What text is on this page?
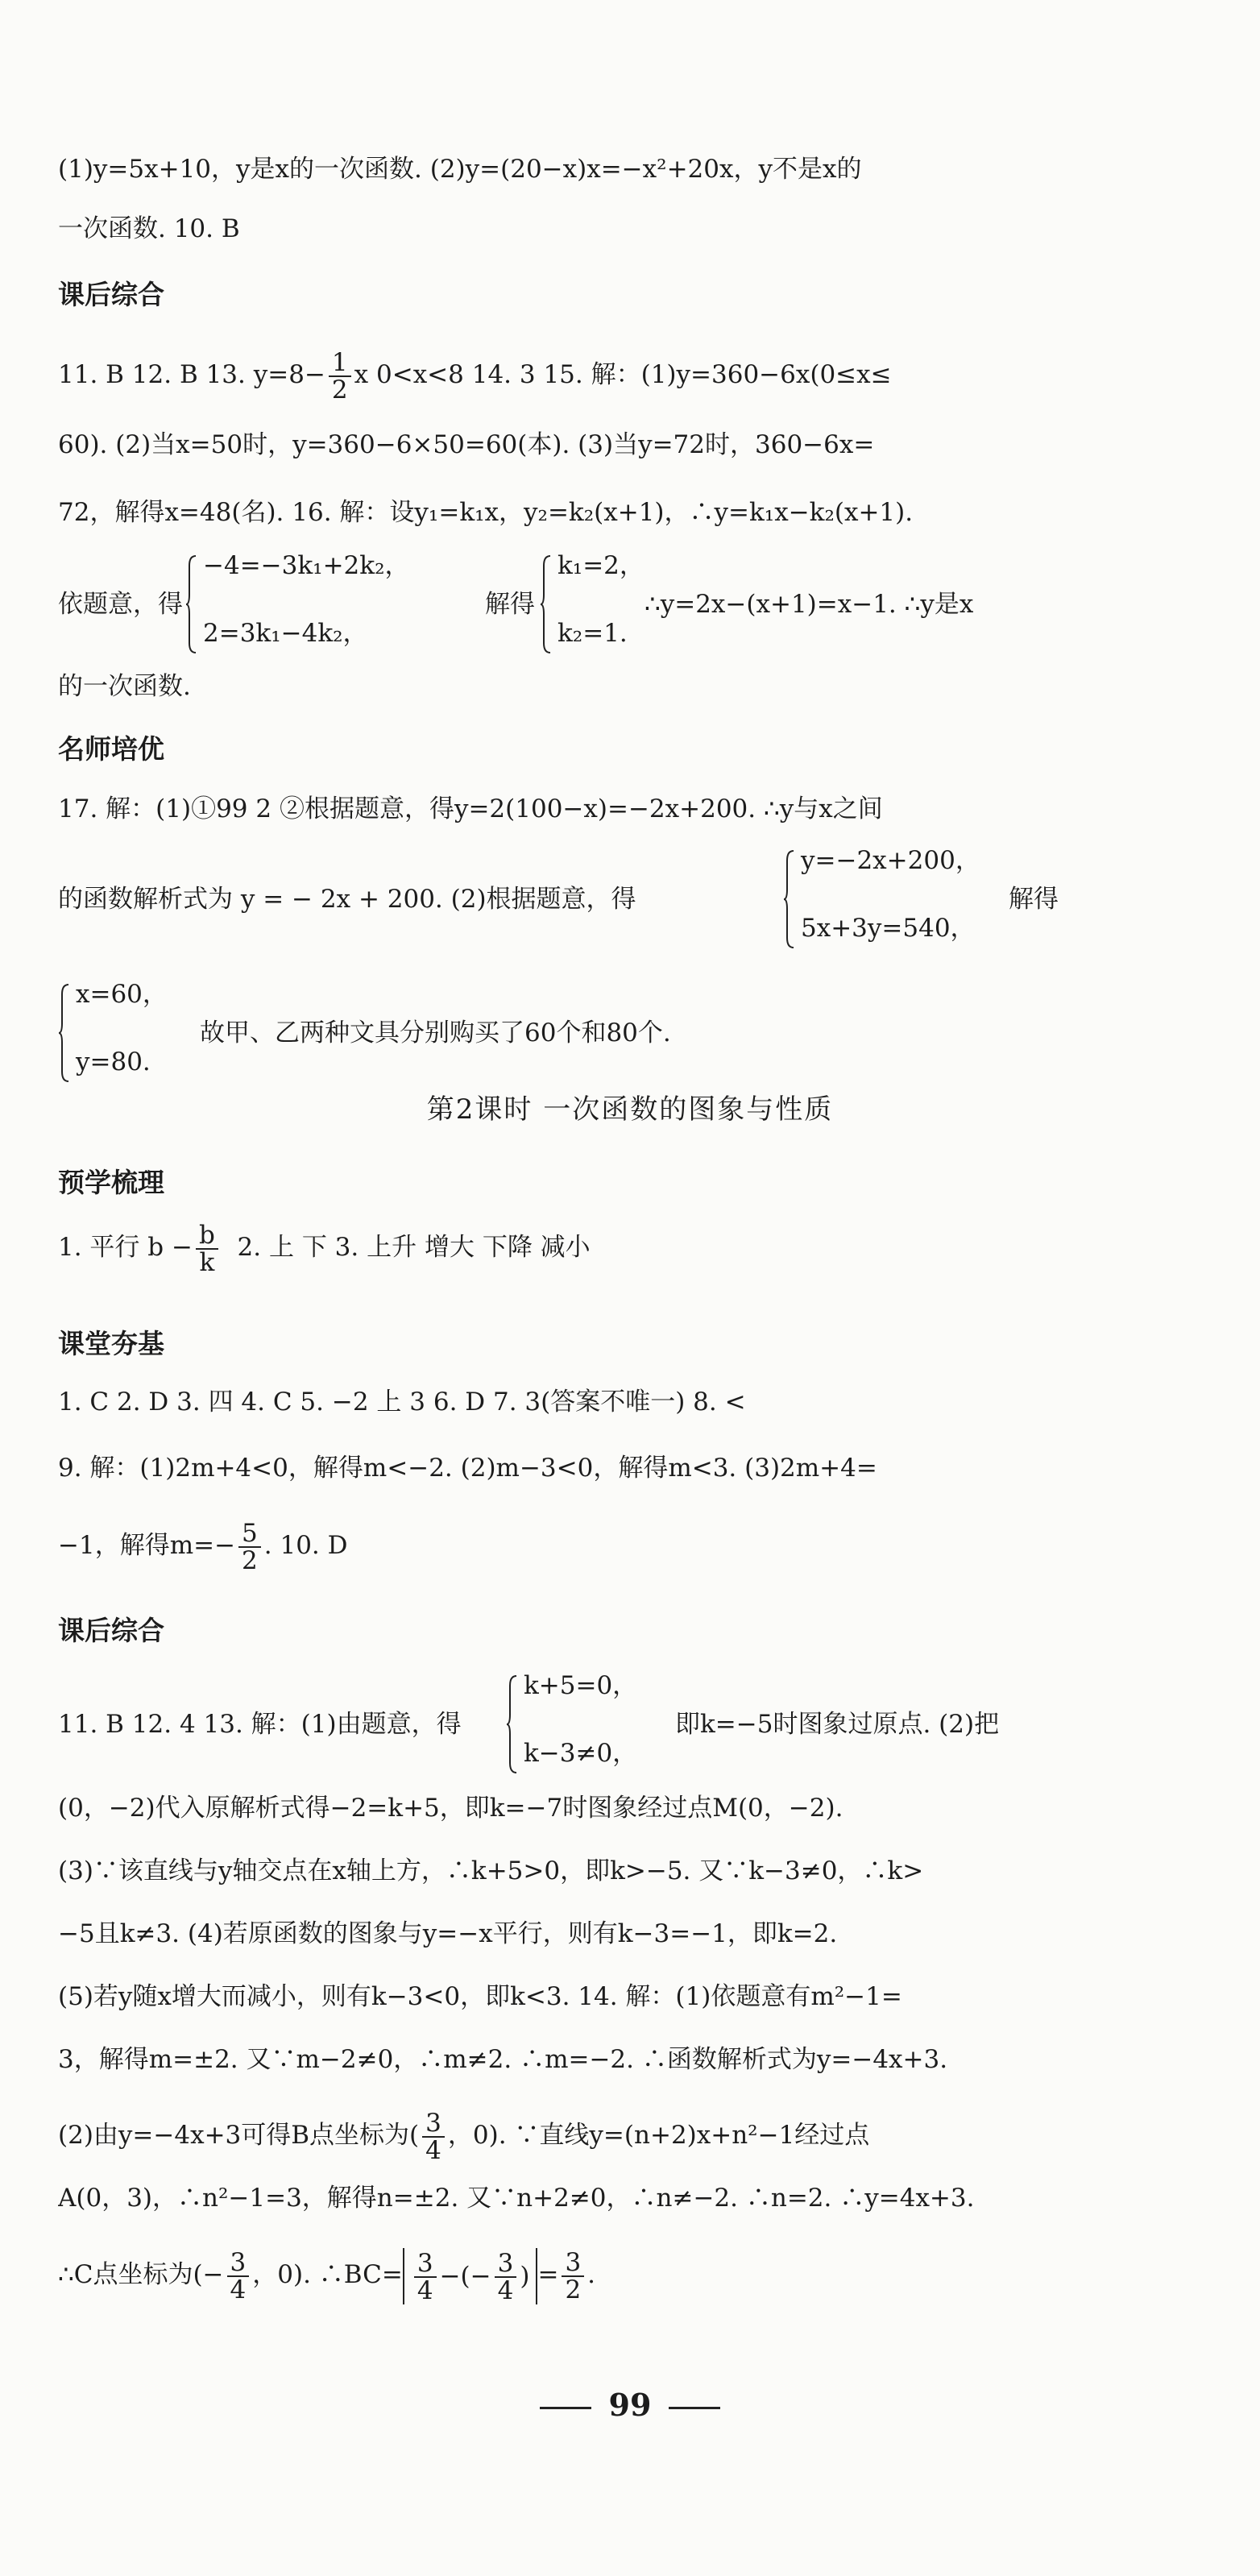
(1)y=5x+10，y是x的一次函数. (2)y=(20−x)x=−x²+20x，y不是x的
一次函数. 10. B
课后综合
11. B 12. B 13. $y=8- \frac{1}{2}$ x 0<x<8 14. 3 15. 解：(1)y=360−6x(0≤x≤
60). (2)当x=50时，y=360−6×50=60(本). (3)当y=72时，360−6x=
72，解得x=48(名). 16. 解：设y₁=k₁x，y₂=k₂(x+1)，∴y=k₁x−k₂(x+1).
依题意，得
−4=−3k₁+2k₂，
2=3k₁−4k₂，
解得
k₁=2，
k₂=1.
∴y=2x−(x+1)=x−1. ∴y是x
的一次函数.
名师培优
17. 解：(1)①99 2 ②根据题意，得y=2(100−x)=−2x+200. ∴y与x之间
的函数解析式为 y = − 2x + 200. (2)根据题意，得
y=−2x+200，
5x+3y=540，
解得
x=60，
y=80.
故甲、乙两种文具分别购买了60个和80个.
第2课时 一次函数的图象与性质
预学梳理
1. 平行 $b - \frac{b}{k} 2$. 上 下 3. 上升 增大 下降 减小
课堂夯基
1. C 2. D 3. 四 4. C 5. −2 上 3 6. D 7. 3(答案不唯一) 8. <
9. 解：(1)2m+4<0，解得m<−2. (2)m−3<0，解得m<3. (3)2m+4=
−1，解得$m=- \frac{5}{2}$ . 10. D
课后综合
11. B 12. 4 13. 解：(1)由题意，得
k+5=0，
k−3≠0，
即k=−5时图象过原点. (2)把
(0，−2)代入原解析式得−2=k+5，即k=−7时图象经过点M(0，−2).
(3)∵该直线与y轴交点在x轴上方，∴k+5>0，即k>−5. 又∵k−3≠0，∴k>
−5且k≠3. (4)若原函数的图象与y=−x平行，则有k−3=−1，即k=2.
(5)若y随x增大而减小，则有k−3<0，即k<3. 14. 解：(1)依题意有m²−1=
3，解得m=±2. 又∵m−2≠0，∴m≠2. ∴m=−2. ∴函数解析式为y=−4x+3.
(2)由y=−4x+3可得B点坐标为( $\frac{3}{4}$ ，0). ∵直线y=(n+2)x+n²−1经过点
A(0，3)，∴n²−1=3，解得n=±2. 又∵n+2≠0，∴n≠−2. ∴n=2. ∴y=4x+3.
∴C点坐标为(− $\frac{3}{4}$ ，0). ∴BC= $\frac{3}{4}$ −(− $\frac{3}{4}$ ) = $\frac{3}{2}$ .
99
